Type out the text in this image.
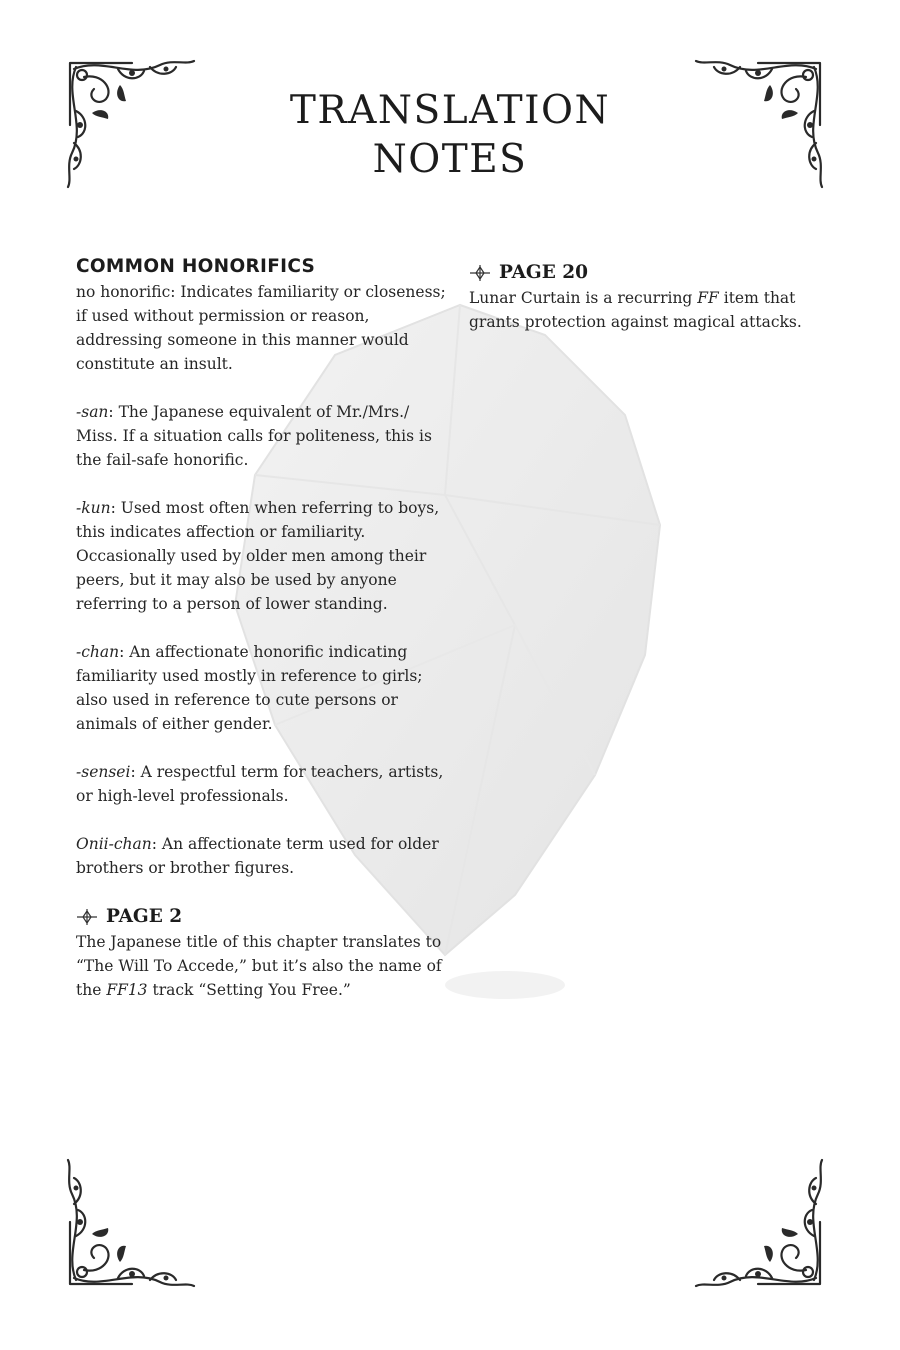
TRANSLATION
NOTES
COMMON HONORIFICS

no honorific: Indicates familiarity or closeness; if used without permission or reason, addressing someone in this manner would constitute an insult.

-san: The Japanese equivalent of Mr./Mrs./ Miss. If a situation calls for politeness, this is the fail-safe honorific.

-kun: Used most often when referring to boys, this indicates affection or familiarity. Occasionally used by older men among their peers, but it may also be used by anyone referring to a person of lower standing.

-chan: An affectionate honorific indicating familiarity used mostly in reference to girls; also used in reference to cute persons or animals of either gender.

-sensei: A respectful term for teachers, artists, or high-level professionals.

Onii-chan: An affectionate term used for older brothers or brother figures.

PAGE 2

The Japanese title of this chapter translates to “The Will To Accede,” but it’s also the name of the FF13 track “Setting You Free.”

PAGE 20

Lunar Curtain is a recurring FF item that grants protection against magical attacks.
